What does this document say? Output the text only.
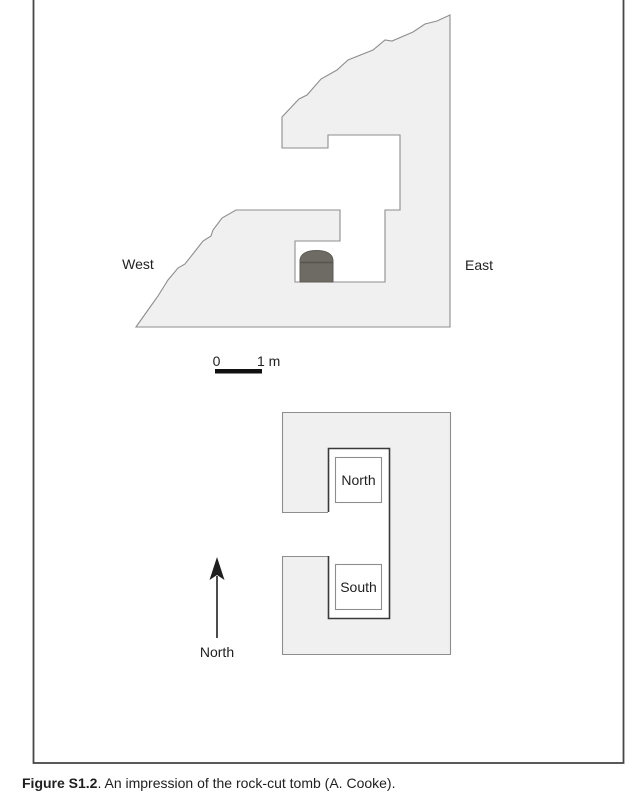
West	East
0	1 m
North
South
North
Figure S1.2. An impression of the rock-cut tomb (A. Cooke).
